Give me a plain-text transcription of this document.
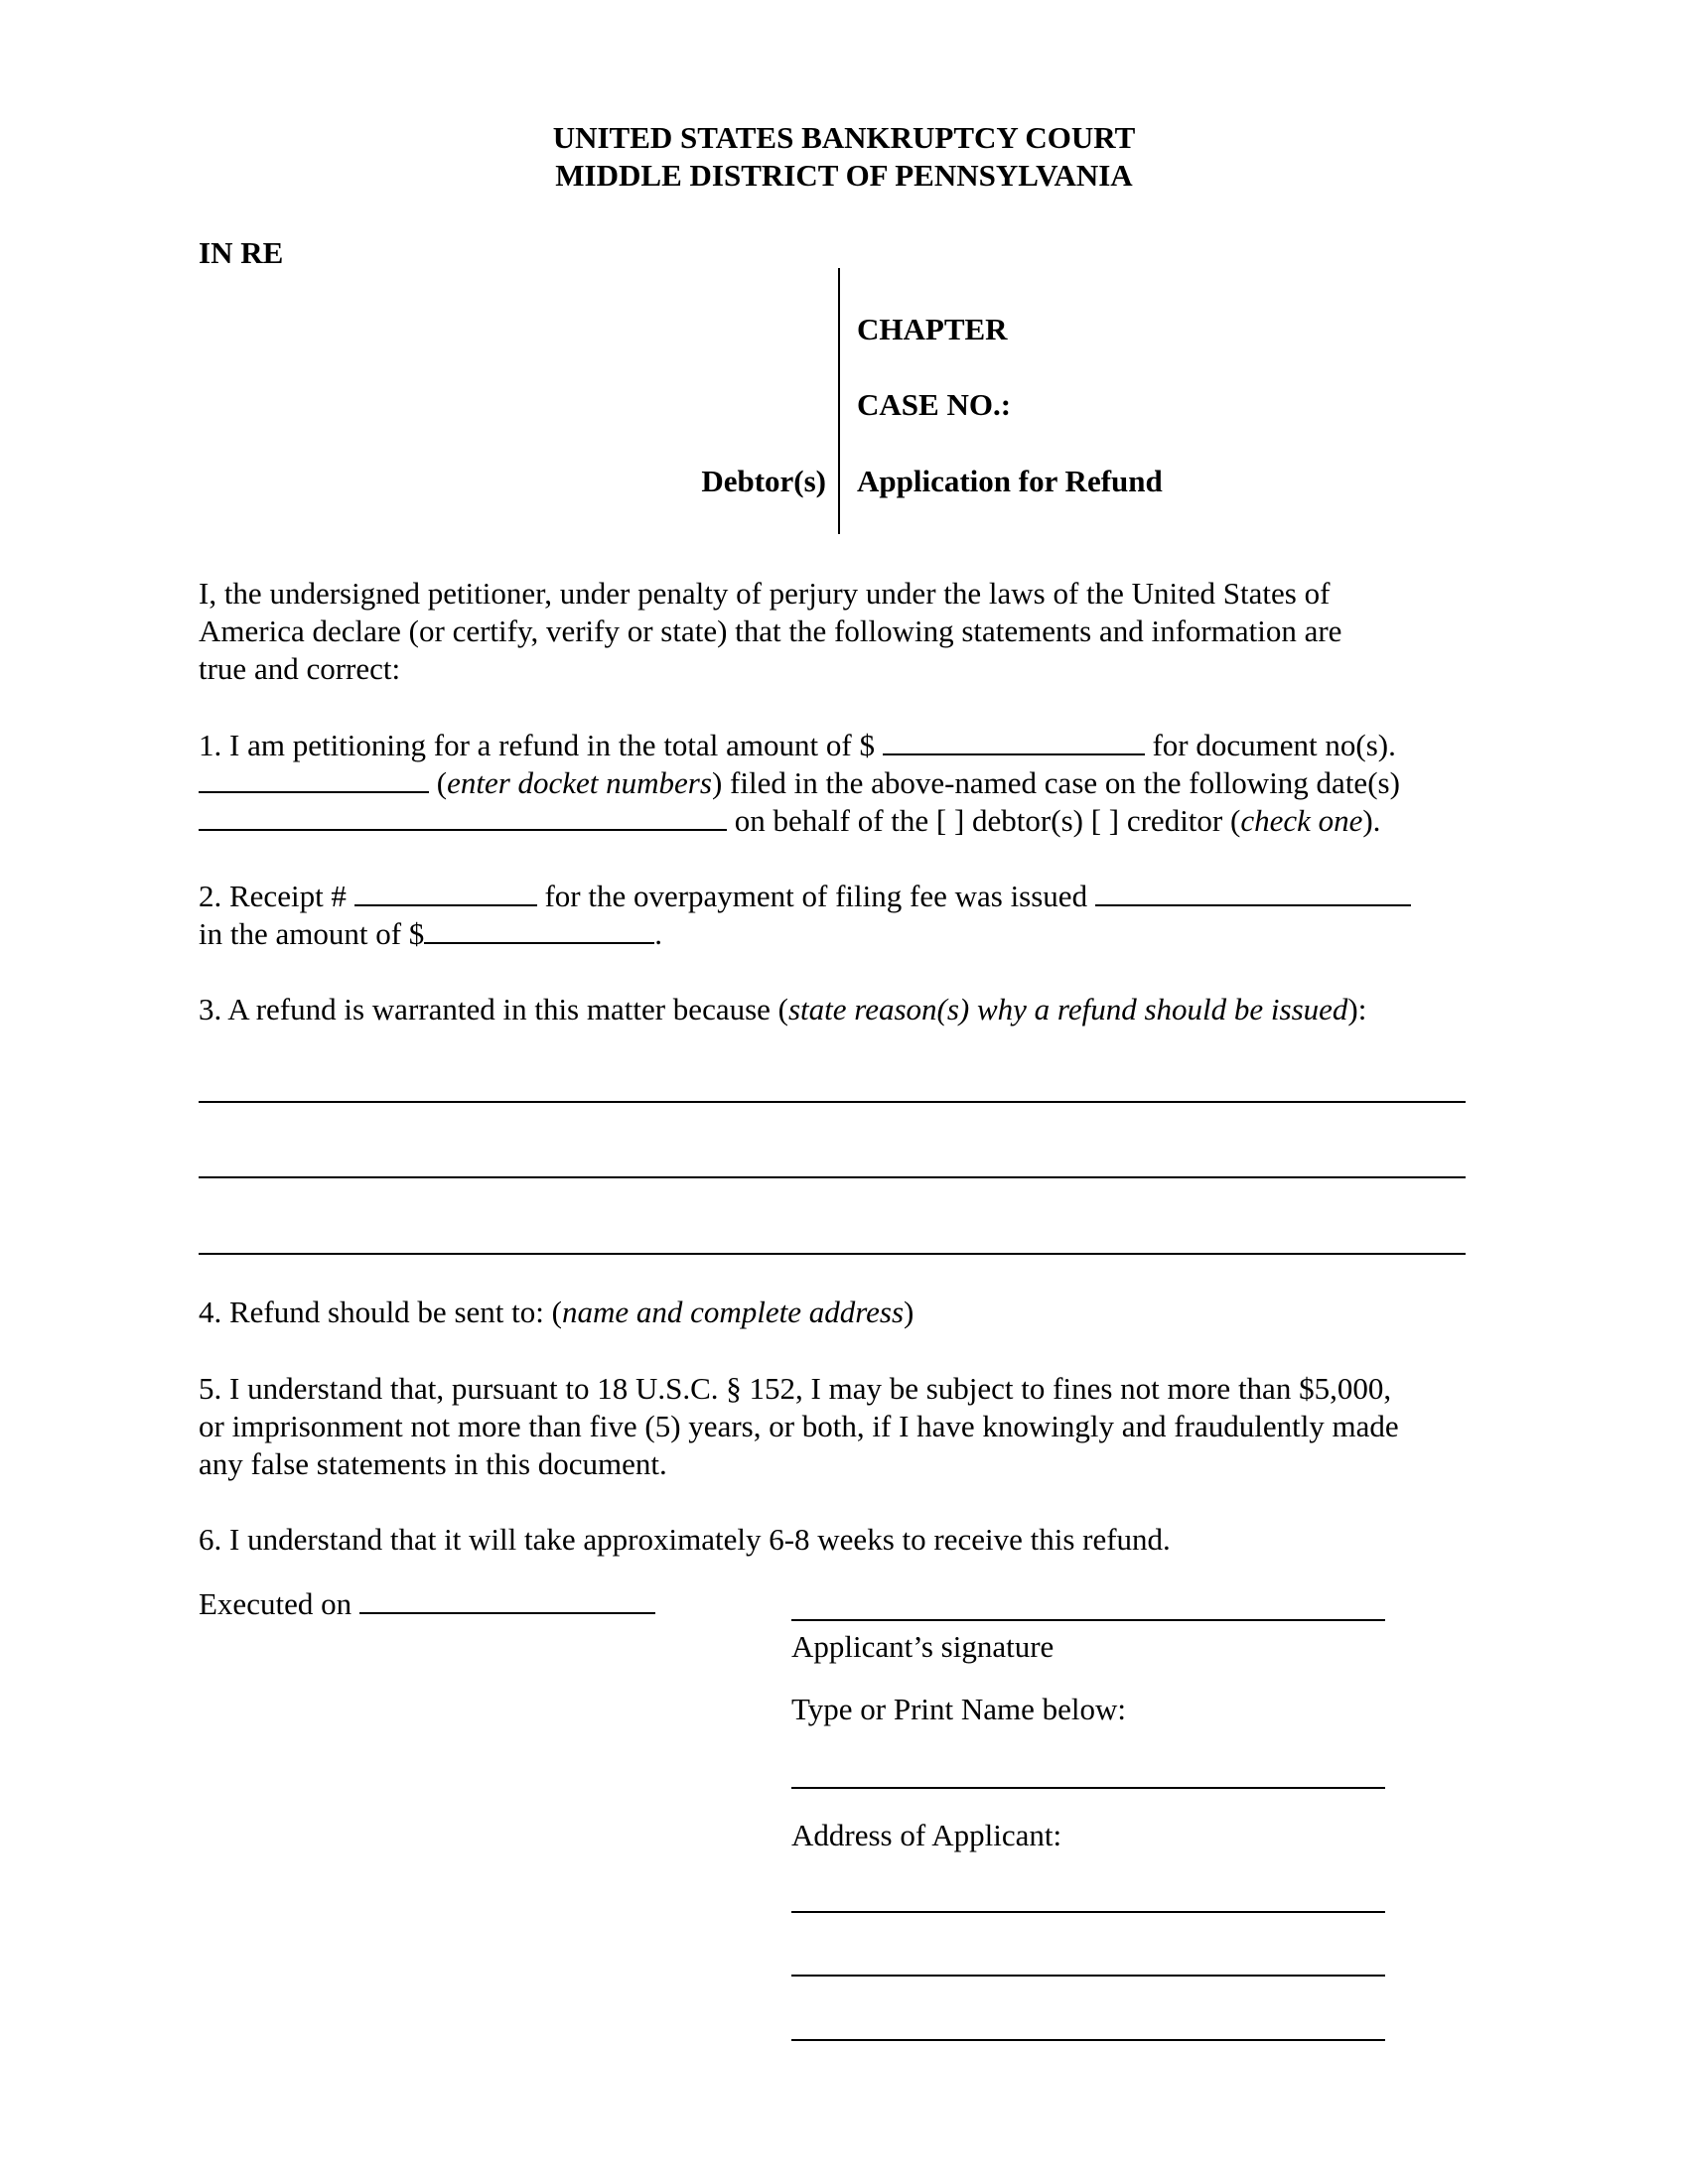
UNITED STATES BANKRUPTCY COURT
MIDDLE DISTRICT OF PENNSYLVANIA
IN RE
CHAPTER
CASE NO.:
Debtor(s) Application for Refund
I, the undersigned petitioner, under penalty of perjury under the laws of the United States of
America declare (or certify, verify or state) that the following statements and information are
true and correct:
1. I am petitioning for a refund in the total amount of $	for document no(s).
(enter docket numbers) filed in the above-named case on the following date(s)
on behalf of the [ ] debtor(s) [ ] creditor (check one).
2. Receipt #	for the overpayment of filing fee was issued
in the amount of $	.
3. A refund is warranted in this matter because (state reason(s) why a refund should be issued):
4. Refund should be sent to: (name and complete address)
5. I understand that, pursuant to 18 U.S.C. § 152, I may be subject to fines not more than $5,000,
or imprisonment not more than five (5) years, or both, if I have knowingly and fraudulently made
any false statements in this document.
6. I understand that it will take approximately 6-8 weeks to receive this refund.
Executed on
Applicant’s signature
Type or Print Name below:
Address of Applicant:
